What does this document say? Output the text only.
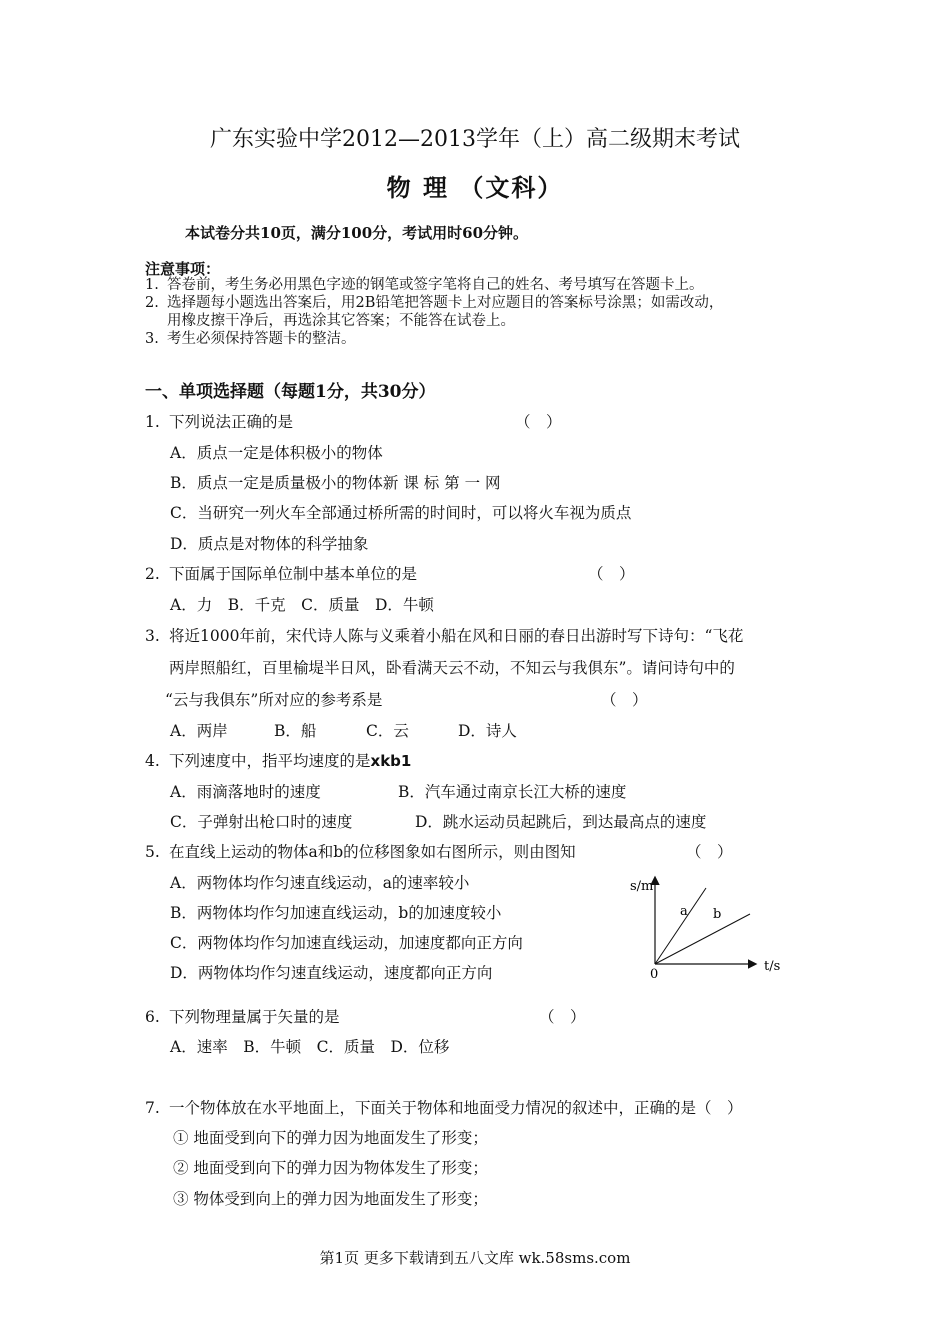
广东实验中学2012—2013学年（上）高二级期末考试
物 理 （文科）
本试卷分共10页，满分100分，考试用时60分钟。
注意事项：
1. 答卷前，考生务必用黑色字迹的钢笔或签字笔将自己的姓名、考号填写在答题卡上。
2. 选择题每小题选出答案后，用2B铅笔把答题卡上对应题目的答案标号涂黑；如需改动，
用橡皮擦干净后，再选涂其它答案；不能答在试卷上。
3. 考生必须保持答题卡的整洁。
一、单项选择题（每题1分，共30分）
1. 下列说法正确的是	（　）
A．质点一定是体积极小的物体
B．质点一定是质量极小的物体新 课 标 第 一 网
C．当研究一列火车全部通过桥所需的时间时，可以将火车视为质点
D．质点是对物体的科学抽象
2. 下面属于国际单位制中基本单位的是	（　）
A．力　B．千克　C．质量　D．牛顿
3. 将近1000年前，宋代诗人陈与义乘着小船在风和日丽的春日出游时写下诗句：“飞花
两岸照船红，百里榆堤半日风，卧看满天云不动，不知云与我俱东”。请问诗句中的
“云与我俱东”所对应的参考系是	（　）
A．两岸	B．船	C．云	D．诗人
4. 下列速度中，指平均速度的是xkb1
A．雨滴落地时的速度	B．汽车通过南京长江大桥的速度
C．子弹射出枪口时的速度	D．跳水运动员起跳后，到达最高点的速度
5. 在直线上运动的物体a和b的位移图象如右图所示，则由图知	（　）
A．两物体均作匀速直线运动，a的速率较小
B．两物体均作匀加速直线运动，b的加速度较小
C．两物体均作匀加速直线运动，加速度都向正方向
D．两物体均作匀速直线运动，速度都向正方向
s/m
t/s
0
a b
6. 下列物理量属于矢量的是	（　）
A．速率　B．牛顿　C．质量　D．位移
7. 一个物体放在水平地面上，下面关于物体和地面受力情况的叙述中，正确的是（　）
① 地面受到向下的弹力因为地面发生了形变；
② 地面受到向下的弹力因为物体发生了形变；
③ 物体受到向上的弹力因为地面发生了形变；
第1页 更多下载请到五八文库 wk.58sms.com
